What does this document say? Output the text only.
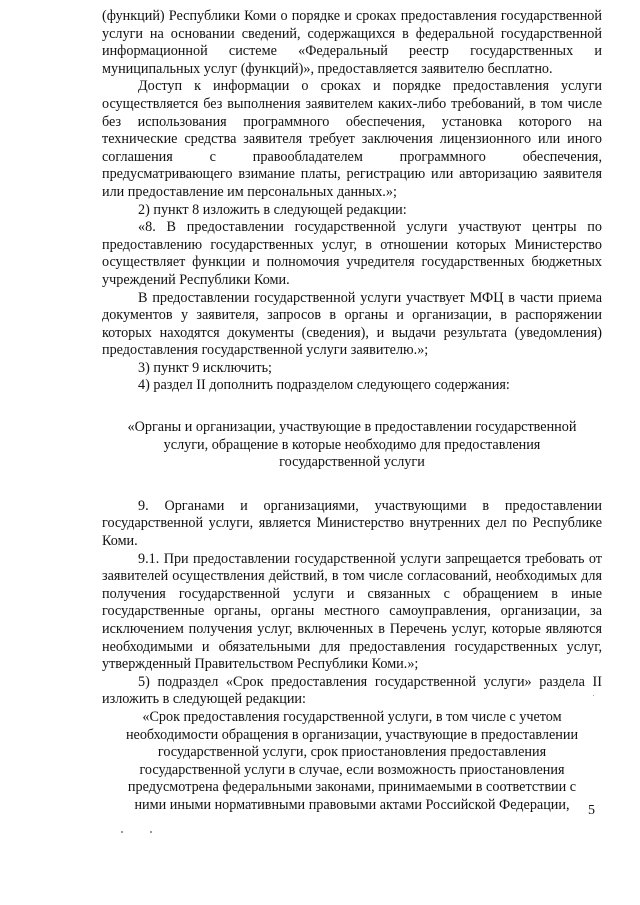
(функций) Республики Коми о порядке и сроках предоставления государственной услуги на основании сведений, содержащихся в федеральной государственной информационной системе «Федеральный реестр государственных и муниципальных услуг (функций)», предоставляется заявителю бесплатно.

Доступ к информации о сроках и порядке предоставления услуги осуществляется без выполнения заявителем каких-либо требований, в том числе без использования программного обеспечения, установка которого на технические средства заявителя требует заключения лицензионного или иного соглашения с правообладателем программного обеспечения, предусматривающего взимание платы, регистрацию или авторизацию заявителя или предоставление им персональных данных.»;

2) пункт 8 изложить в следующей редакции:

«8. В предоставлении государственной услуги участвуют центры по предоставлению государственных услуг, в отношении которых Министерство осуществляет функции и полномочия учредителя государственных бюджетных учреждений Республики Коми.

В предоставлении государственной услуги участвует МФЦ в части приема документов у заявителя, запросов в органы и организации, в распоряжении которых находятся документы (сведения), и выдачи результата (уведомления) предоставления государственной услуги заявителю.»;

3) пункт 9 исключить;

4) раздел II дополнить подразделом следующего содержания:

«Органы и организации, участвующие в предоставлении государственной

услуги, обращение в которые необходимо для предоставления

государственной услуги

9. Органами и организациями, участвующими в предоставлении государственной услуги, является Министерство внутренних дел по Республике Коми.

9.1. При предоставлении государственной услуги запрещается требовать от заявителей осуществления действий, в том числе согласований, необходимых для получения государственной услуги и связанных с обращением в иные государственные органы, органы местного самоуправления, организации, за исключением получения услуг, включенных в Перечень услуг, которые являются необходимыми и обязательными для предоставления государственных услуг, утвержденный Правительством Республики Коми.»;

5) подраздел «Срок предоставления государственной услуги» раздела II изложить в следующей редакции:

«Срок предоставления государственной услуги, в том числе с учетом

необходимости обращения в организации, участвующие в предоставлении

государственной услуги, срок приостановления предоставления

государственной услуги в случае, если возможность приостановления

предусмотрена федеральными законами, принимаемыми в соответствии с

ними иными нормативными правовыми актами Российской Федерации,	5
